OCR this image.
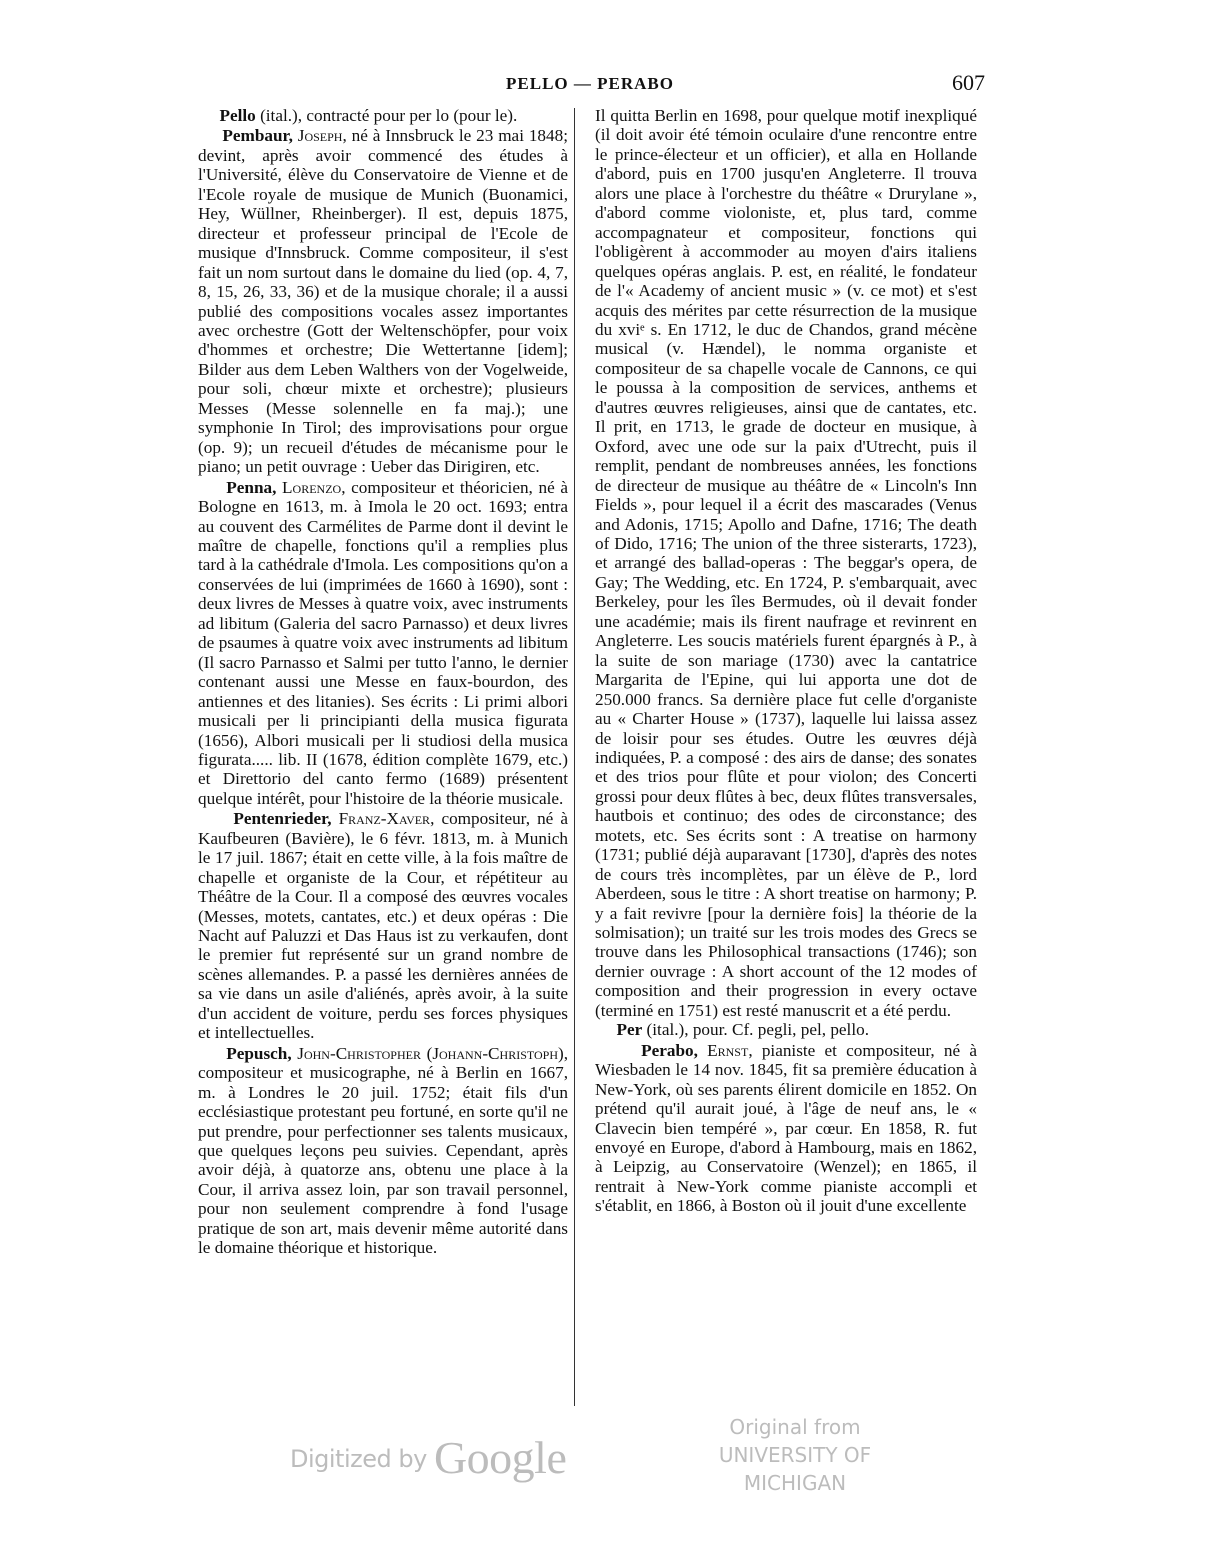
PELLO — PERABO	607

Pello (ital.), contracté pour per lo (pour le).

Pembaur, Joseph, né à Innsbruck le 23 mai 1848; devint, après avoir commencé des études à l'Université, élève du Conservatoire de Vienne et de l'Ecole royale de musique de Munich (Buonamici, Hey, Wüllner, Rheinberger). Il est, depuis 1875, directeur et professeur principal de l'Ecole de musique d'Innsbruck. Comme compositeur, il s'est fait un nom surtout dans le domaine du lied (op. 4, 7, 8, 15, 26, 33, 36) et de la musique chorale; il a aussi publié des compositions vocales assez importantes avec orchestre (Gott der Weltenschöpfer, pour voix d'hommes et orchestre; Die Wettertanne [idem]; Bilder aus dem Leben Walthers von der Vogelweide, pour soli, chœur mixte et orchestre); plusieurs Messes (Messe solennelle en fa maj.); une symphonie In Tirol; des improvisations pour orgue (op. 9); un recueil d'études de mécanisme pour le piano; un petit ouvrage : Ueber das Dirigiren, etc.

Penna, Lorenzo, compositeur et théoricien, né à Bologne en 1613, m. à Imola le 20 oct. 1693; entra au couvent des Carmélites de Parme dont il devint le maître de chapelle, fonctions qu'il a remplies plus tard à la cathédrale d'Imola. Les compositions qu'on a conservées de lui (imprimées de 1660 à 1690), sont : deux livres de Messes à quatre voix, avec instruments ad libitum (Galeria del sacro Parnasso) et deux livres de psaumes à quatre voix avec instruments ad libitum (Il sacro Parnasso et Salmi per tutto l'anno, le dernier contenant aussi une Messe en faux-bourdon, des antiennes et des litanies). Ses écrits : Li primi albori musicali per li principianti della musica figurata (1656), Albori musicali per li studiosi della musica figurata..... lib. II (1678, édition complète 1679, etc.) et Direttorio del canto fermo (1689) présentent quelque intérêt, pour l'histoire de la théorie musicale.

Pentenrieder, Franz-Xaver, compositeur, né à Kaufbeuren (Bavière), le 6 févr. 1813, m. à Munich le 17 juil. 1867; était en cette ville, à la fois maître de chapelle et organiste de la Cour, et répétiteur au Théâtre de la Cour. Il a composé des œuvres vocales (Messes, motets, cantates, etc.) et deux opéras : Die Nacht auf Paluzzi et Das Haus ist zu verkaufen, dont le premier fut représenté sur un grand nombre de scènes allemandes. P. a passé les dernières années de sa vie dans un asile d'aliénés, après avoir, à la suite d'un accident de voiture, perdu ses forces physiques et intellectuelles.

Pepusch, John-Christopher (Johann-Christoph), compositeur et musicographe, né à Berlin en 1667, m. à Londres le 20 juil. 1752; était fils d'un ecclésiastique protestant peu fortuné, en sorte qu'il ne put prendre, pour perfectionner ses talents musicaux, que quelques leçons peu suivies. Cependant, après avoir déjà, à quatorze ans, obtenu une place à la Cour, il arriva assez loin, par son travail personnel, pour non seulement comprendre à fond l'usage pratique de son art, mais devenir même autorité dans le domaine théorique et historique.

Il quitta Berlin en 1698, pour quelque motif inexpliqué (il doit avoir été témoin oculaire d'une rencontre entre le prince-électeur et un officier), et alla en Hollande d'abord, puis en 1700 jusqu'en Angleterre. Il trouva alors une place à l'orchestre du théâtre « Drurylane », d'abord comme violoniste, et, plus tard, comme accompagnateur et compositeur, fonctions qui l'obligèrent à accommoder au moyen d'airs italiens quelques opéras anglais. P. est, en réalité, le fondateur de l'« Academy of ancient music » (v. ce mot) et s'est acquis des mérites par cette résurrection de la musique du xviᵉ s. En 1712, le duc de Chandos, grand mécène musical (v. Hændel), le nomma organiste et compositeur de sa chapelle vocale de Cannons, ce qui le poussa à la composition de services, anthems et d'autres œuvres religieuses, ainsi que de cantates, etc. Il prit, en 1713, le grade de docteur en musique, à Oxford, avec une ode sur la paix d'Utrecht, puis il remplit, pendant de nombreuses années, les fonctions de directeur de musique au théâtre de « Lincoln's Inn Fields », pour lequel il a écrit des mascarades (Venus and Adonis, 1715; Apollo and Dafne, 1716; The death of Dido, 1716; The union of the three sisterarts, 1723), et arrangé des ballad-operas : The beggar's opera, de Gay; The Wedding, etc. En 1724, P. s'embarquait, avec Berkeley, pour les îles Bermudes, où il devait fonder une académie; mais ils firent naufrage et revinrent en Angleterre. Les soucis matériels furent épargnés à P., à la suite de son mariage (1730) avec la cantatrice Margarita de l'Epine, qui lui apporta une dot de 250.000 francs. Sa dernière place fut celle d'organiste au « Charter House » (1737), laquelle lui laissa assez de loisir pour ses études. Outre les œuvres déjà indiquées, P. a composé : des airs de danse; des sonates et des trios pour flûte et pour violon; des Concerti grossi pour deux flûtes à bec, deux flûtes transversales, hautbois et continuo; des odes de circonstance; des motets, etc. Ses écrits sont : A treatise on harmony (1731; publié déjà auparavant [1730], d'après des notes de cours très incomplètes, par un élève de P., lord Aberdeen, sous le titre : A short treatise on harmony; P. y a fait revivre [pour la dernière fois] la théorie de la solmisation); un traité sur les trois modes des Grecs se trouve dans les Philosophical transactions (1746); son dernier ouvrage : A short account of the 12 modes of composition and their progression in every octave (terminé en 1751) est resté manuscrit et a été perdu.

Per (ital.), pour. Cf. pegli, pel, pello.

Perabo, Ernst, pianiste et compositeur, né à Wiesbaden le 14 nov. 1845, fit sa première éducation à New-York, où ses parents élirent domicile en 1852. On prétend qu'il aurait joué, à l'âge de neuf ans, le « Clavecin bien tempéré », par cœur. En 1858, R. fut envoyé en Europe, d'abord à Hambourg, mais en 1862, à Leipzig, au Conservatoire (Wenzel); en 1865, il rentrait à New-York comme pianiste accompli et s'établit, en 1866, à Boston où il jouit d'une excellente

Digitized by Google
Original from
UNIVERSITY OF MICHIGAN
